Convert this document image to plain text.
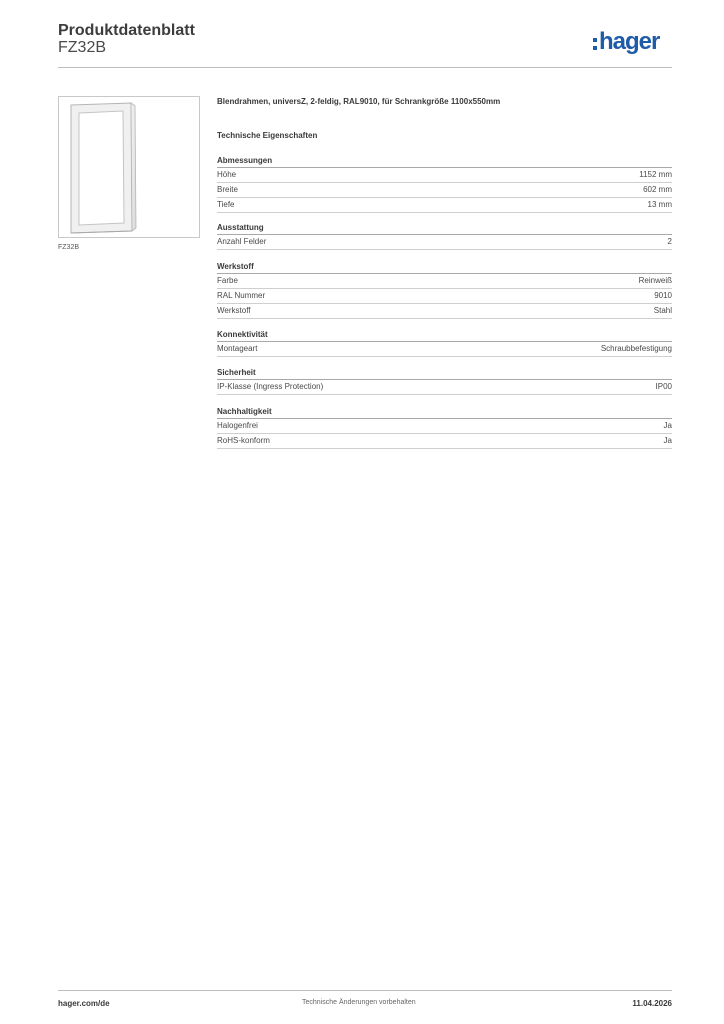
Produktdatenblatt
FZ32B	hager
FZ32B
Blendrahmen, universZ, 2-feldig, RAL9010, für Schrankgröße 1100x550mm
Technische Eigenschaften
Abmessungen
Höhe	1152 mm
Breite	602 mm
Tiefe	13 mm
Ausstattung
Anzahl Felder	2
Werkstoff
Farbe	Reinweiß
RAL Nummer	9010
Werkstoff	Stahl
Konnektivität
Montageart	Schraubbefestigung
Sicherheit
IP-Klasse (Ingress Protection)	IP00
Nachhaltigkeit
Halogenfrei	Ja
RoHS-konform	Ja
hager.com/de	Technische Änderungen vorbehalten	11.04.2026
